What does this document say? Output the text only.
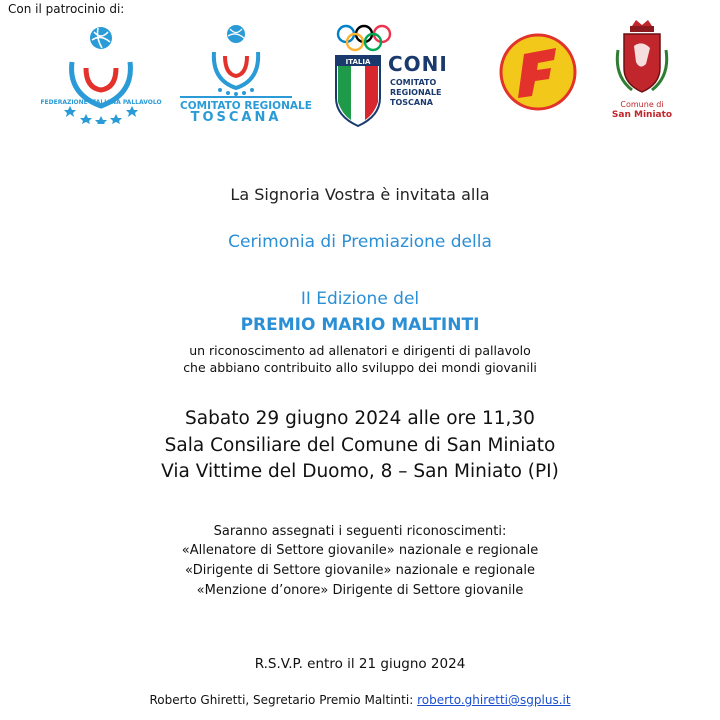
Con il patrocinio di:
FEDERAZIONE ITALIANA PALLAVOLO COMITATO REGIONALE
TOSCANA
ITALIA CONI
COMITATO
REGIONALE
TOSCANA	Comune di
San Miniato
La Signoria Vostra è invitata alla
Cerimonia di Premiazione della
II Edizione del
PREMIO MARIO MALTINTI
un riconoscimento ad allenatori e dirigenti di pallavolo
che abbiano contribuito allo sviluppo dei mondi giovanili
Sabato 29 giugno 2024 alle ore 11,30
Sala Consiliare del Comune di San Miniato
Via Vittime del Duomo, 8 – San Miniato (PI)
Saranno assegnati i seguenti riconoscimenti:
«Allenatore di Settore giovanile» nazionale e regionale
«Dirigente di Settore giovanile» nazionale e regionale
«Menzione d’onore» Dirigente di Settore giovanile
R.S.V.P. entro il 21 giugno 2024
Roberto Ghiretti, Segretario Premio Maltinti: roberto.ghiretti@sgplus.it
